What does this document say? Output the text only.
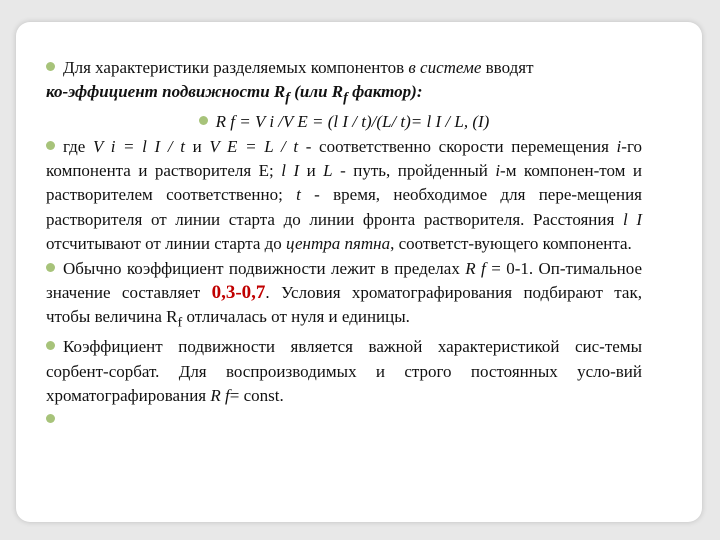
Для характеристики разделяемых компонентов в системе вводят
ко-эффициент подвижности $R_f$ (или $R_f$ фактор):

R f = V i /V E = (l I / t)/(L/ t)= l I / L, (I)

где V i = l I / t и V E = L / t - соответственно скорости перемещения i-го компонента и растворителя Е; l I и L - путь, пройденный i-м компонен-том и растворителем соответственно; t - время, необходимое для пере-мещения растворителя от линии старта до линии фронта растворителя. Расстояния l I отсчитывают от линии старта до центра пятна, соответст-вующего компонента.

Обычно коэффициент подвижности лежит в пределах R f = 0-1. Оп-тимальное значение составляет 0,3-0,7. Условия хроматографирования подбирают так, чтобы величина $R_f$ отличалась от нуля и единицы.

Коэффициент подвижности является важной характеристикой сис-темы сорбент-сорбат. Для воспроизводимых и строго постоянных усло-вий хроматографирования R f= const.
